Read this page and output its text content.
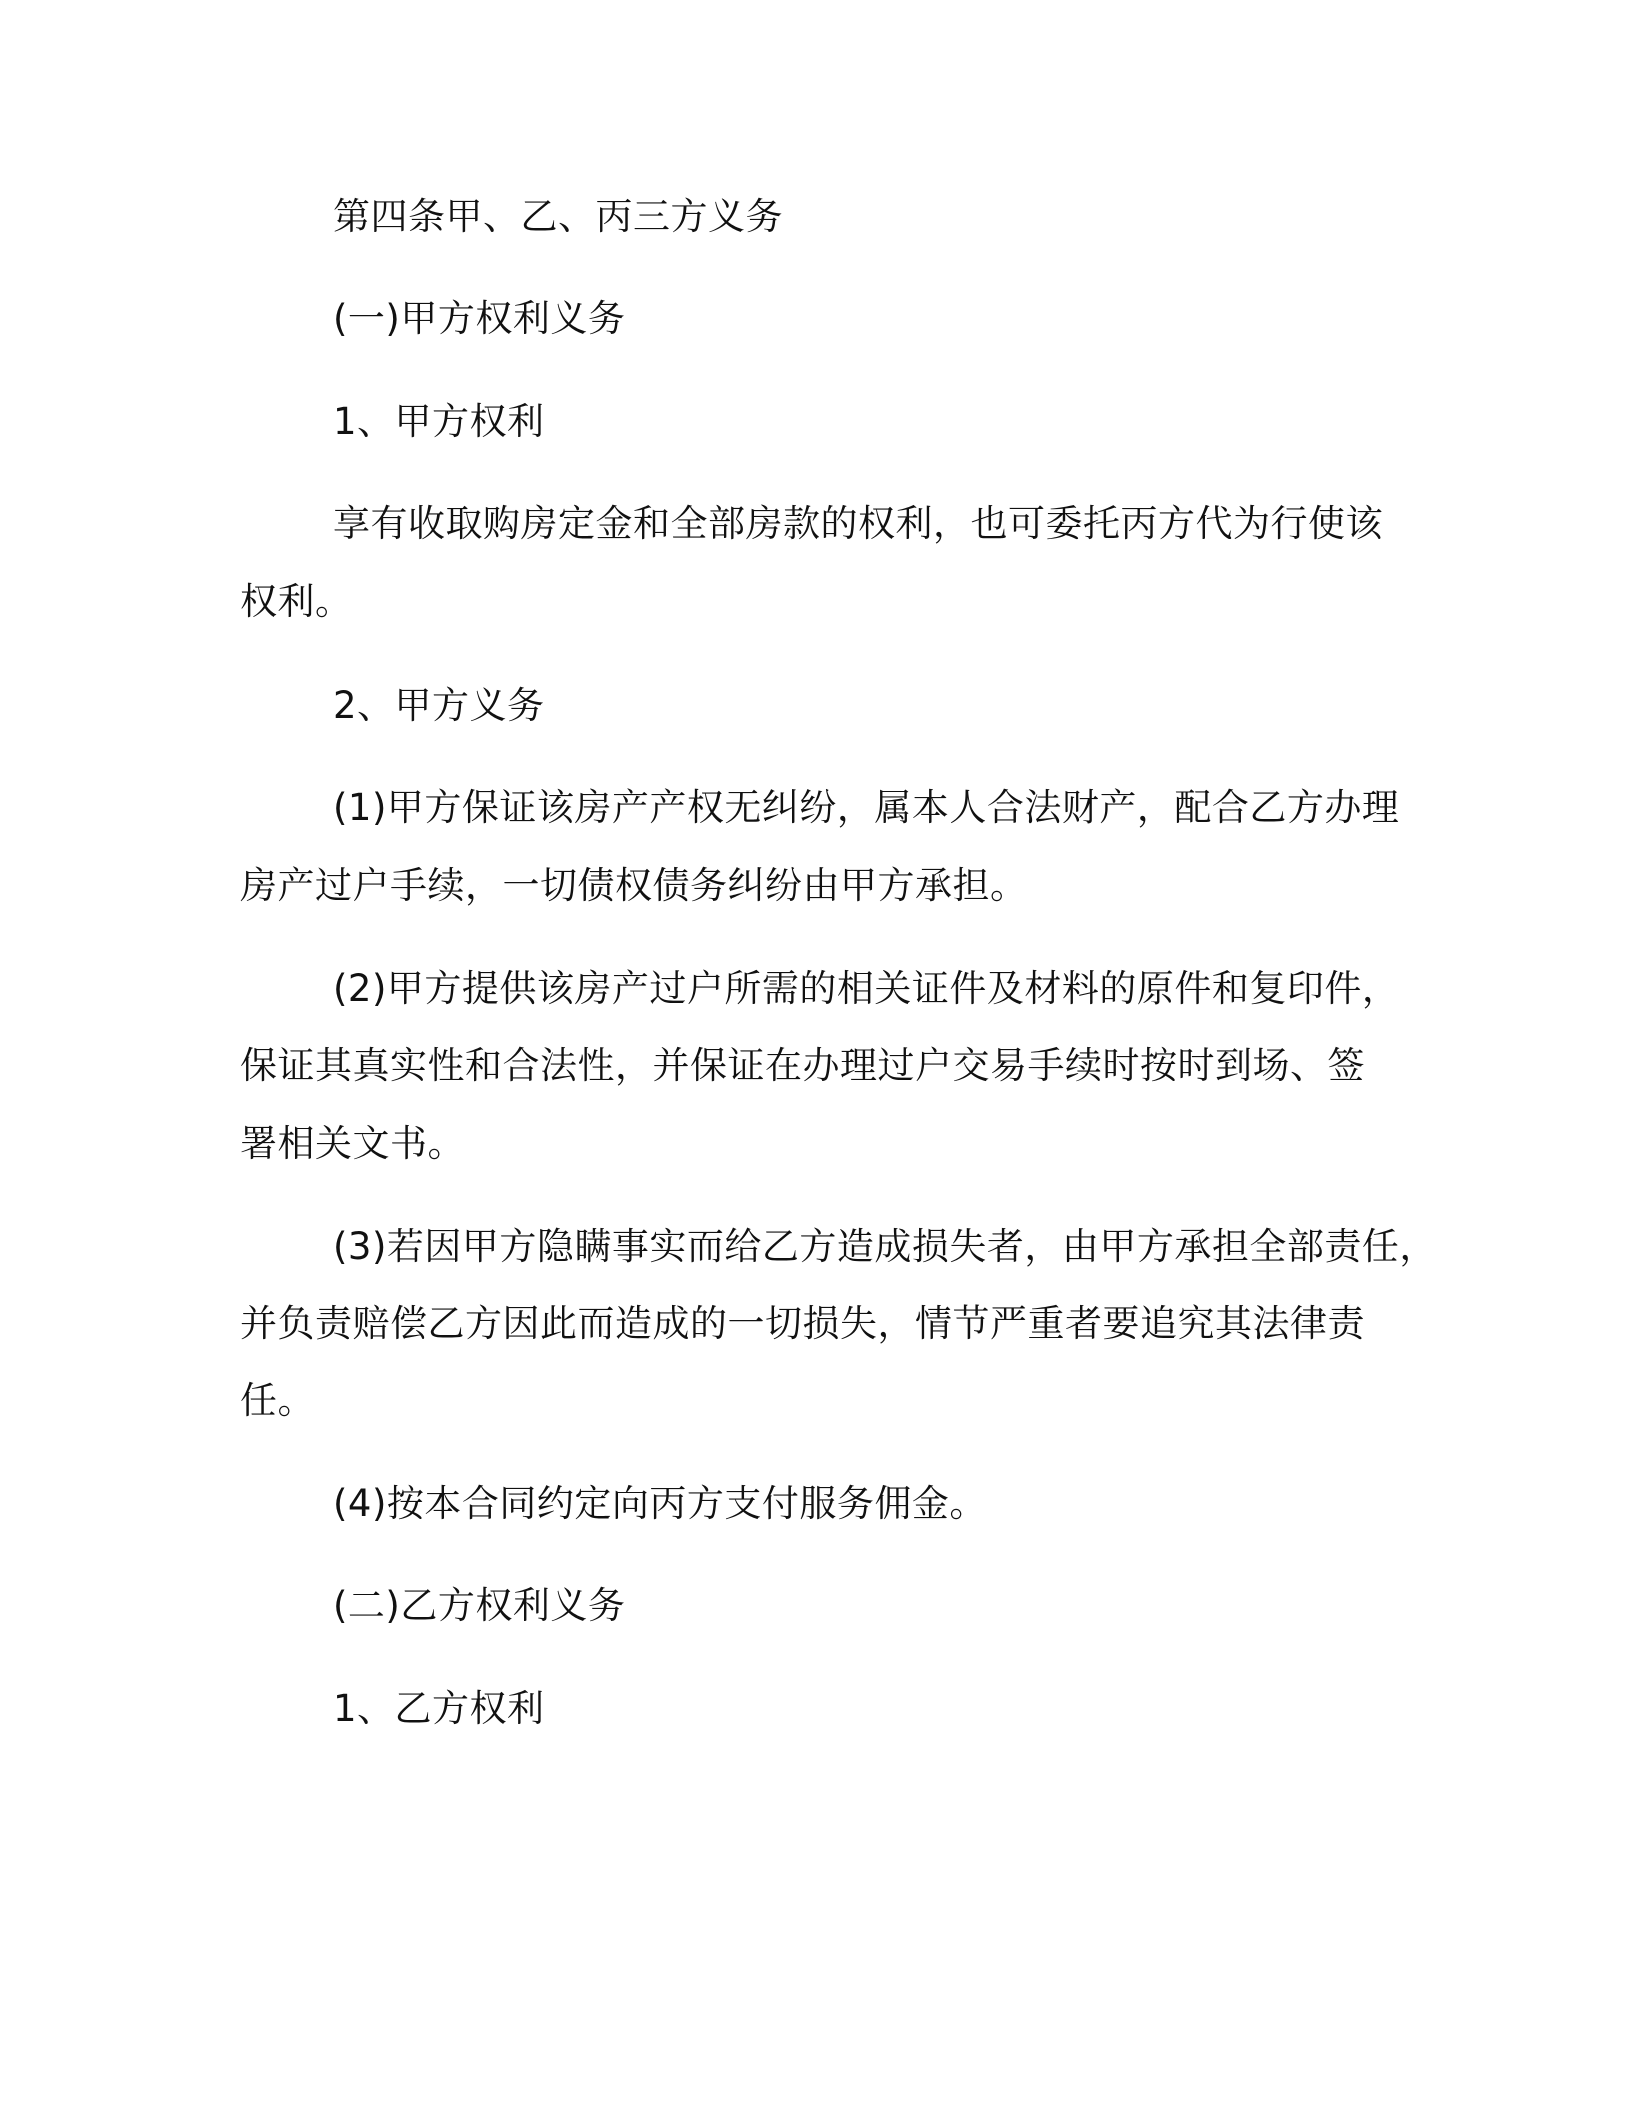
第四条甲、乙、丙三方义务
(一)甲方权利义务
1、甲方权利
享有收取购房定金和全部房款的权利，也可委托丙方代为行使该
权利。
2、甲方义务
(1)甲方保证该房产产权无纠纷，属本人合法财产，配合乙方办理
房产过户手续，一切债权债务纠纷由甲方承担。
(2)甲方提供该房产过户所需的相关证件及材料的原件和复印件，
保证其真实性和合法性，并保证在办理过户交易手续时按时到场、签
署相关文书。
(3)若因甲方隐瞒事实而给乙方造成损失者，由甲方承担全部责任，
并负责赔偿乙方因此而造成的一切损失，情节严重者要追究其法律责
任。
(4)按本合同约定向丙方支付服务佣金。
(二)乙方权利义务
1、乙方权利
